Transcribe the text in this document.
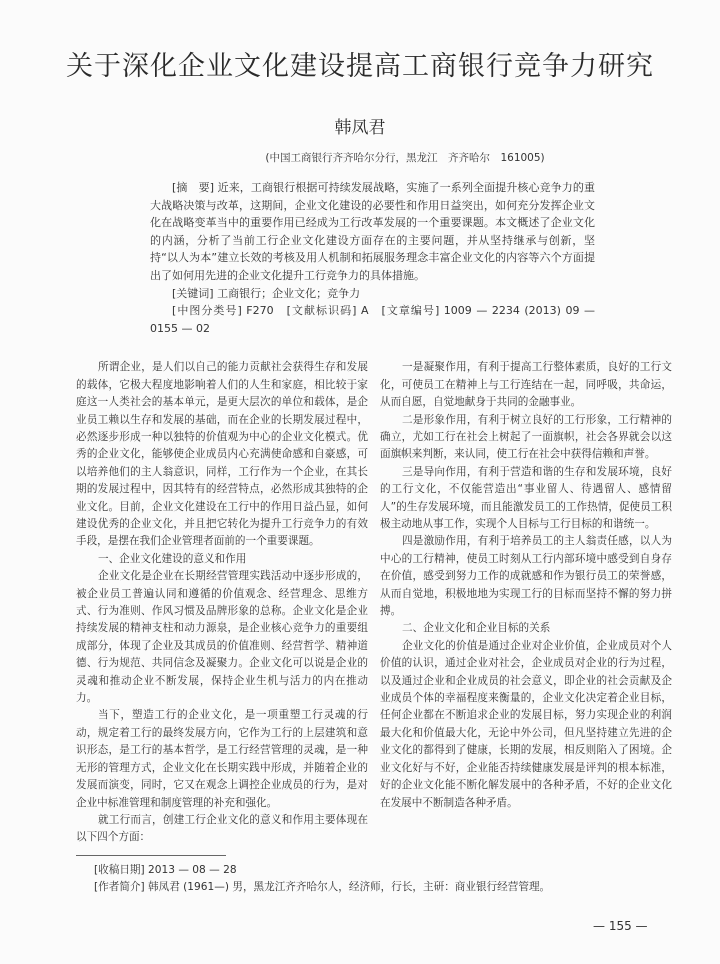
关于深化企业文化建设提高工商银行竞争力研究
韩凤君
(中国工商银行齐齐哈尔分行，黑龙江　齐齐哈尔　161005)

[摘　要] 近来，工商银行根据可持续发展战略，实施了一系列全面提升核心竞争力的重大战略决策与改革，这期间，企业文化建设的必要性和作用日益突出，如何充分发挥企业文化在战略变革当中的重要作用已经成为工行改革发展的一个重要课题。本文概述了企业文化的内涵，分析了当前工行企业文化建设方面存在的主要问题，并从坚持继承与创新，坚持“以人为本”建立长效的考核及用人机制和拓展服务理念丰富企业文化的内容等六个方面提出了如何用先进的企业文化提升工行竞争力的具体措施。

[关键词] 工商银行；企业文化；竞争力

[中图分类号] F270　[文献标识码] A　[文章编号] 1009 — 2234 (2013) 09 — 0155 — 02

所谓企业，是人们以自己的能力贡献社会获得生存和发展的载体，它极大程度地影响着人们的人生和家庭，相比较于家庭这一人类社会的基本单元，是更大层次的单位和载体，是企业员工赖以生存和发展的基础，而在企业的长期发展过程中，必然逐步形成一种以独特的价值观为中心的企业文化模式。优秀的企业文化，能够使企业成员内心充满使命感和自豪感，可以培养他们的主人翁意识，同样，工行作为一个企业，在其长期的发展过程中，因其特有的经营特点，必然形成其独特的企业文化。目前，企业文化建设在工行中的作用日益凸显，如何建设优秀的企业文化，并且把它转化为提升工行竞争力的有效手段，是摆在我们企业管理者面前的一个重要课题。

一、企业文化建设的意义和作用

企业文化是企业在长期经营管理实践活动中逐步形成的，被企业员工普遍认同和遵循的价值观念、经营理念、思维方式、行为准则、作风习惯及品牌形象的总称。企业文化是企业持续发展的精神支柱和动力源泉，是企业核心竞争力的重要组成部分，体现了企业及其成员的价值准则、经营哲学、精神道德、行为规范、共同信念及凝聚力。企业文化可以说是企业的灵魂和推动企业不断发展，保持企业生机与活力的内在推动力。

当下，塑造工行的企业文化，是一项重塑工行灵魂的行动，规定着工行的最终发展方向，它作为工行的上层建筑和意识形态，是工行的基本哲学，是工行经营管理的灵魂，是一种无形的管理方式，企业文化在长期实践中形成，并随着企业的发展而演变，同时，它又在观念上调控企业成员的行为，是对企业中标准管理和制度管理的补充和强化。

就工行而言，创建工行企业文化的意义和作用主要体现在以下四个方面：

一是凝聚作用，有利于提高工行整体素质，良好的工行文化，可使员工在精神上与工行连结在一起，同呼吸，共命运，从而自愿，自觉地献身于共同的金融事业。

二是形象作用，有利于树立良好的工行形象，工行精神的确立，尤如工行在社会上树起了一面旗帜，社会各界就会以这面旗帜来判断，来认同，使工行在社会中获得信赖和声誉。

三是导向作用，有利于营造和谐的生存和发展环境，良好的工行文化，不仅能营造出“事业留人、待遇留人、感情留人”的生存发展环境，而且能激发员工的工作热情，促使员工积极主动地从事工作，实现个人目标与工行目标的和谐统一。

四是激励作用，有利于培养员工的主人翁责任感，以人为中心的工行精神，使员工时刻从工行内部环境中感受到自身存在价值，感受到努力工作的成就感和作为银行员工的荣誉感，从而自觉地，积极地地为实现工行的目标而坚持不懈的努力拼搏。

二、企业文化和企业目标的关系

企业文化的价值是通过企业对企业价值，企业成员对个人价值的认识，通过企业对社会，企业成员对企业的行为过程，以及通过企业和企业成员的社会意义，即企业的社会贡献及企业成员个体的幸福程度来衡量的，企业文化决定着企业目标，任何企业都在不断追求企业的发展目标，努力实现企业的利润最大化和价值最大化，无论中外公司，但凡坚持建立先进的企业文化的都得到了健康，长期的发展，相反则陷入了困境。企业文化好与不好，企业能否持续健康发展是评判的根本标准，好的企业文化能不断化解发展中的各种矛盾，不好的企业文化在发展中不断制造各种矛盾。

[收稿日期] 2013 — 08 — 28

[作者简介] 韩凤君 (1961—) 男，黑龙江齐齐哈尔人，经济师，行长，主研：商业银行经营管理。

— 155 —
